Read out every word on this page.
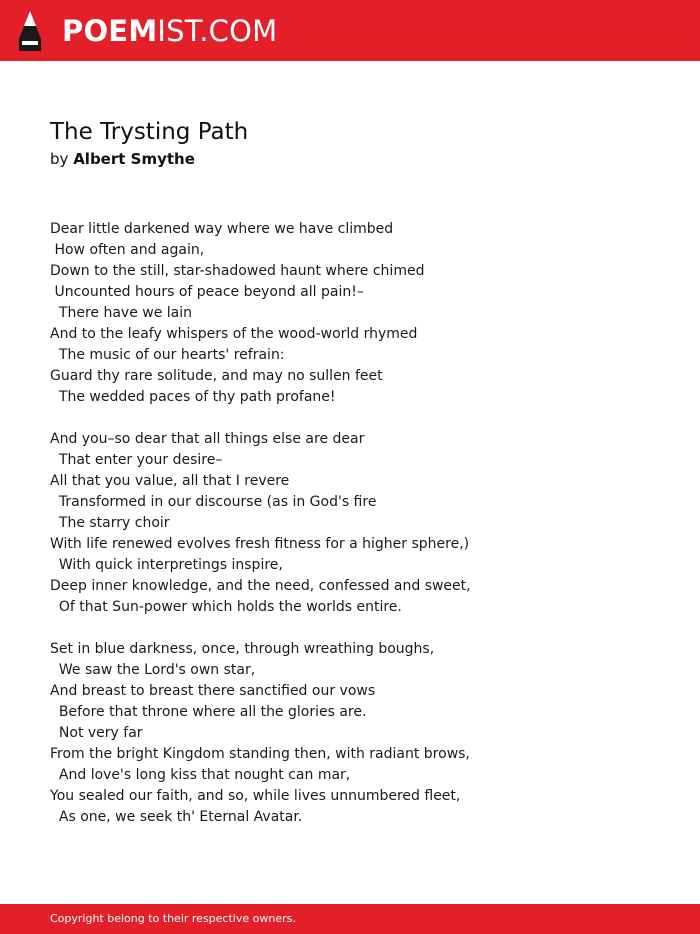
POEMIST.COM
The Trysting Path
by Albert Smythe
Dear little darkened way where we have climbed
How often and again,
Down to the still, star-shadowed haunt where chimed
Uncounted hours of peace beyond all pain!–
There have we lain
And to the leafy whispers of the wood-world rhymed
The music of our hearts' refrain:
Guard thy rare solitude, and may no sullen feet
The wedded paces of thy path profane!
And you–so dear that all things else are dear
That enter your desire–
All that you value, all that I revere
Transformed in our discourse (as in God's fire
The starry choir
With life renewed evolves fresh fitness for a higher sphere,)
With quick interpretings inspire,
Deep inner knowledge, and the need, confessed and sweet,
Of that Sun-power which holds the worlds entire.
Set in blue darkness, once, through wreathing boughs,
We saw the Lord's own star,
And breast to breast there sanctified our vows
Before that throne where all the glories are.
Not very far
From the bright Kingdom standing then, with radiant brows,
And love's long kiss that nought can mar,
You sealed our faith, and so, while lives unnumbered fleet,
As one, we seek th' Eternal Avatar.
Copyright belong to their respective owners.
